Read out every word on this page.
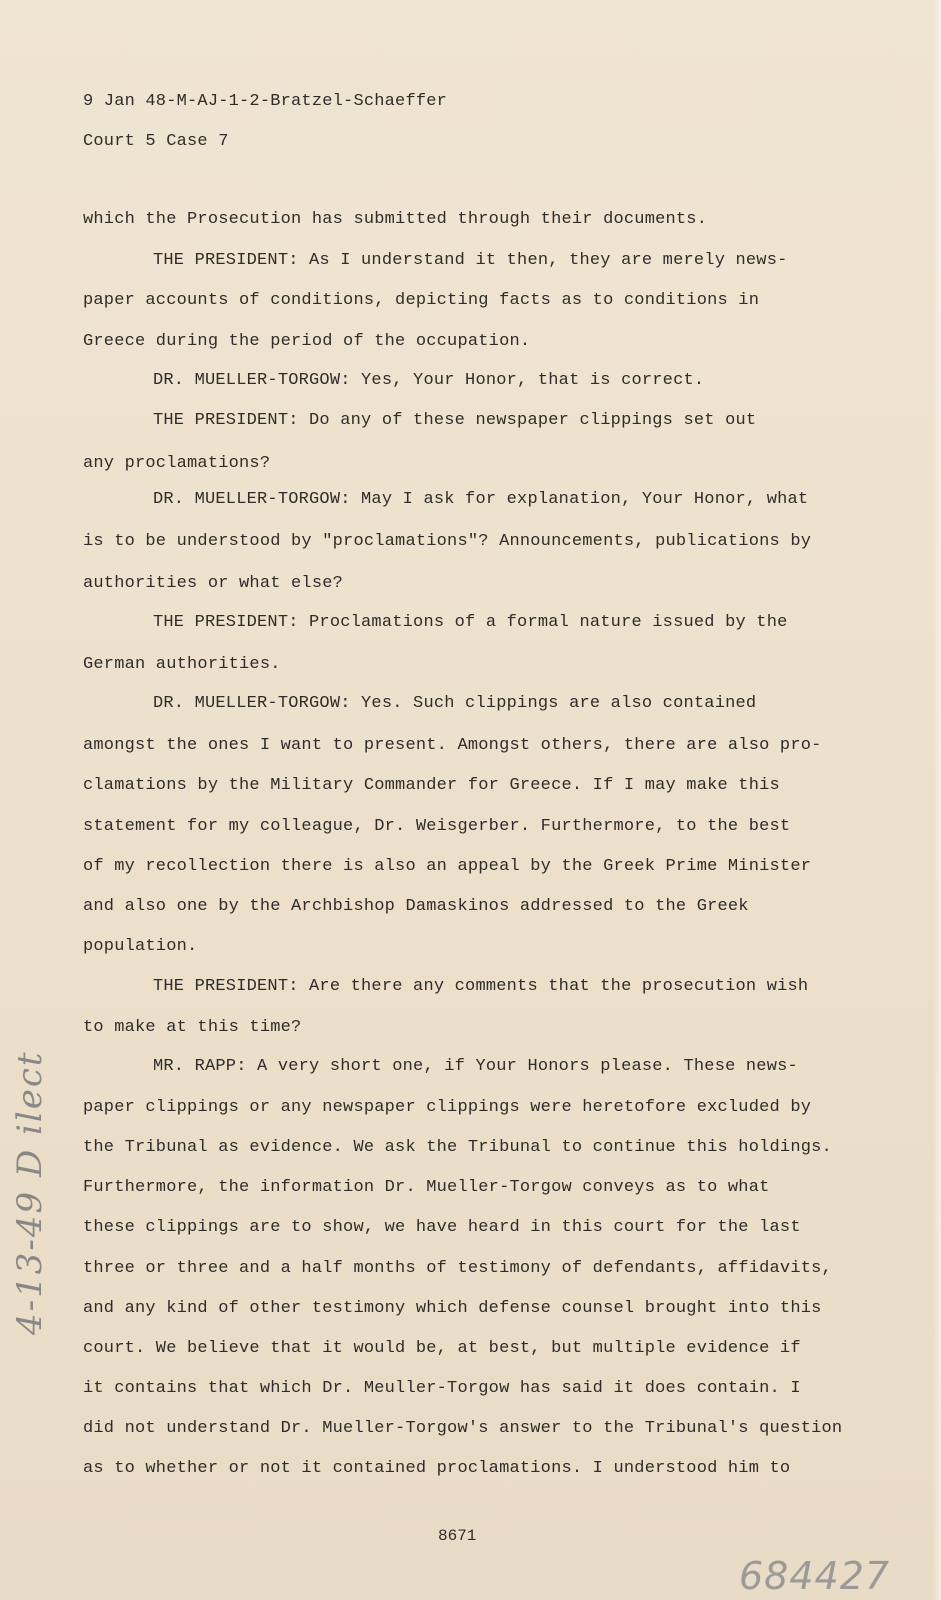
9 Jan 48-M-AJ-1-2-Bratzel-Schaeffer

Court 5 Case 7

which the Prosecution has submitted through their documents.

THE PRESIDENT: As I understand it then, they are merely news-

paper accounts of conditions, depicting facts as to conditions in

Greece during the period of the occupation.

DR. MUELLER-TORGOW: Yes, Your Honor, that is correct.

THE PRESIDENT: Do any of these newspaper clippings set out

any proclamations?

DR. MUELLER-TORGOW: May I ask for explanation, Your Honor, what

is to be understood by "proclamations"? Announcements, publications by

authorities or what else?

THE PRESIDENT: Proclamations of a formal nature issued by the

German authorities.

DR. MUELLER-TORGOW: Yes. Such clippings are also contained

amongst the ones I want to present. Amongst others, there are also pro-

clamations by the Military Commander for Greece. If I may make this

statement for my colleague, Dr. Weisgerber. Furthermore, to the best

of my recollection there is also an appeal by the Greek Prime Minister

and also one by the Archbishop Damaskinos addressed to the Greek

population.

THE PRESIDENT: Are there any comments that the prosecution wish

to make at this time?

MR. RAPP: A very short one, if Your Honors please. These news-

paper clippings or any newspaper clippings were heretofore excluded by

the Tribunal as evidence. We ask the Tribunal to continue this holdings.

Furthermore, the information Dr. Mueller-Torgow conveys as to what

these clippings are to show, we have heard in this court for the last

three or three and a half months of testimony of defendants, affidavits,

and any kind of other testimony which defense counsel brought into this

court. We believe that it would be, at best, but multiple evidence if

it contains that which Dr. Meuller-Torgow has said it does contain. I

did not understand Dr. Mueller-Torgow's answer to the Tribunal's question

as to whether or not it contained proclamations. I understood him to

8671
684427
4-13-49 D ilect
